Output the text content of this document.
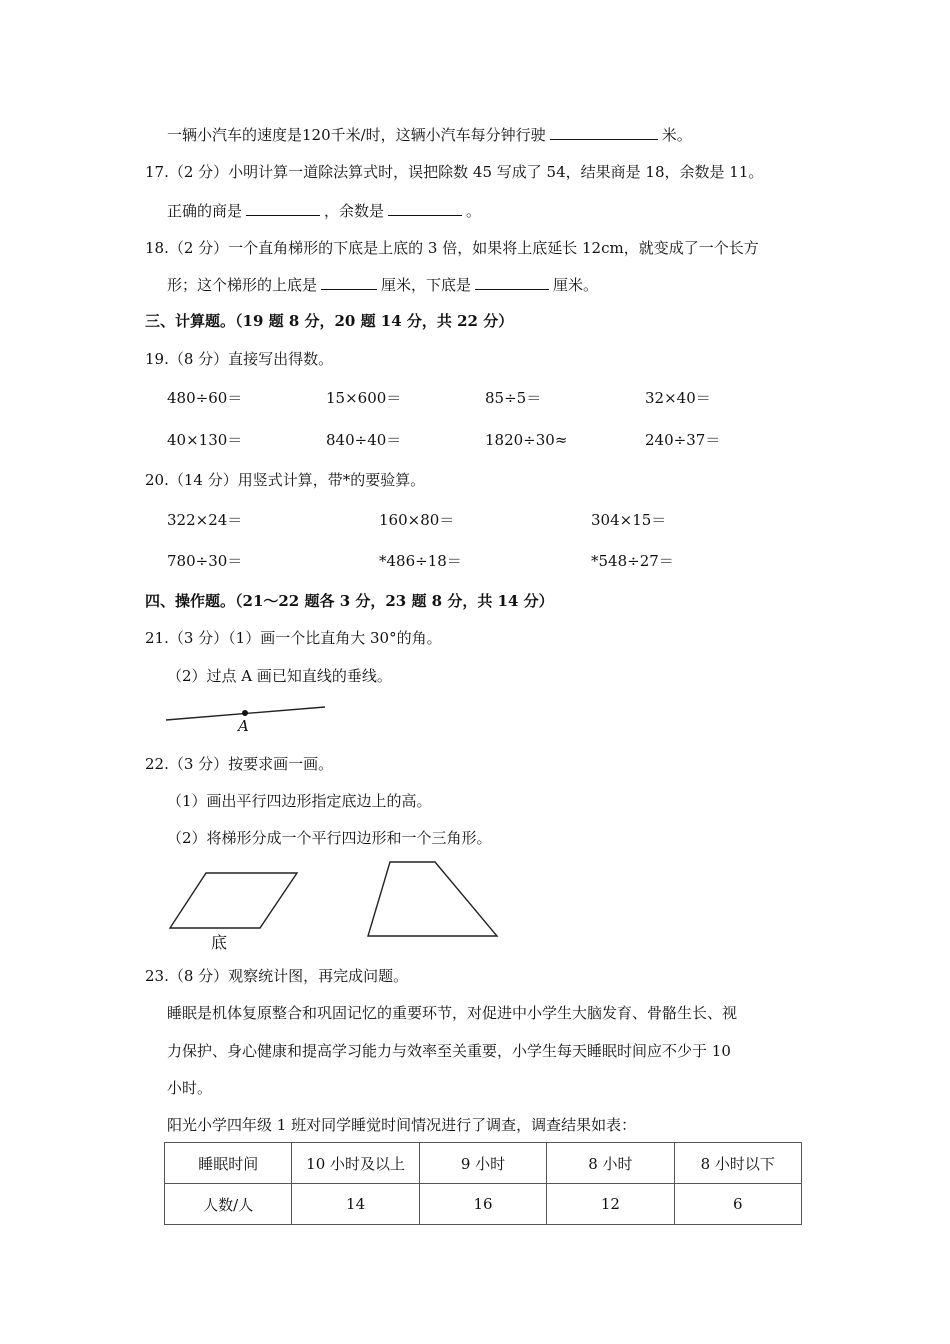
一辆小汽车的速度是120千米/时，这辆小汽车每分钟行驶	米。
17.（2 分）小明计算一道除法算式时，误把除数 45 写成了 54，结果商是 18，余数是 11。
正确的商是	，余数是	。
18.（2 分）一个直角梯形的下底是上底的 3 倍，如果将上底延长 12cm，就变成了一个长方
形；这个梯形的上底是	厘米，下底是	厘米。
三、计算题。（19 题 8 分，20 题 14 分，共 22 分）
19.（8 分）直接写出得数。
480÷60＝	15×600＝	85÷5＝	32×40＝
40×130＝	840÷40＝	1820÷30≈	240÷37＝
20.（14 分）用竖式计算，带*的要验算。
322×24＝	160×80＝	304×15＝
780÷30＝	*486÷18＝	*548÷27＝
四、操作题。（21～22 题各 3 分，23 题 8 分，共 14 分）
21.（3 分）（1）画一个比直角大 30°的角。
（2）过点 A 画已知直线的垂线。
22.（3 分）按要求画一画。
（1）画出平行四边形指定底边上的高。
（2）将梯形分成一个平行四边形和一个三角形。
A
底
23.（8 分）观察统计图，再完成问题。
睡眠是机体复原整合和巩固记忆的重要环节，对促进中小学生大脑发育、骨骼生长、视
力保护、身心健康和提高学习能力与效率至关重要，小学生每天睡眠时间应不少于 10
小时。
阳光小学四年级 1 班对同学睡觉时间情况进行了调查，调查结果如表：
睡眠时间	10 小时及以上	9 小时	8 小时	8 小时以下
人数/人	14	16	12	6
